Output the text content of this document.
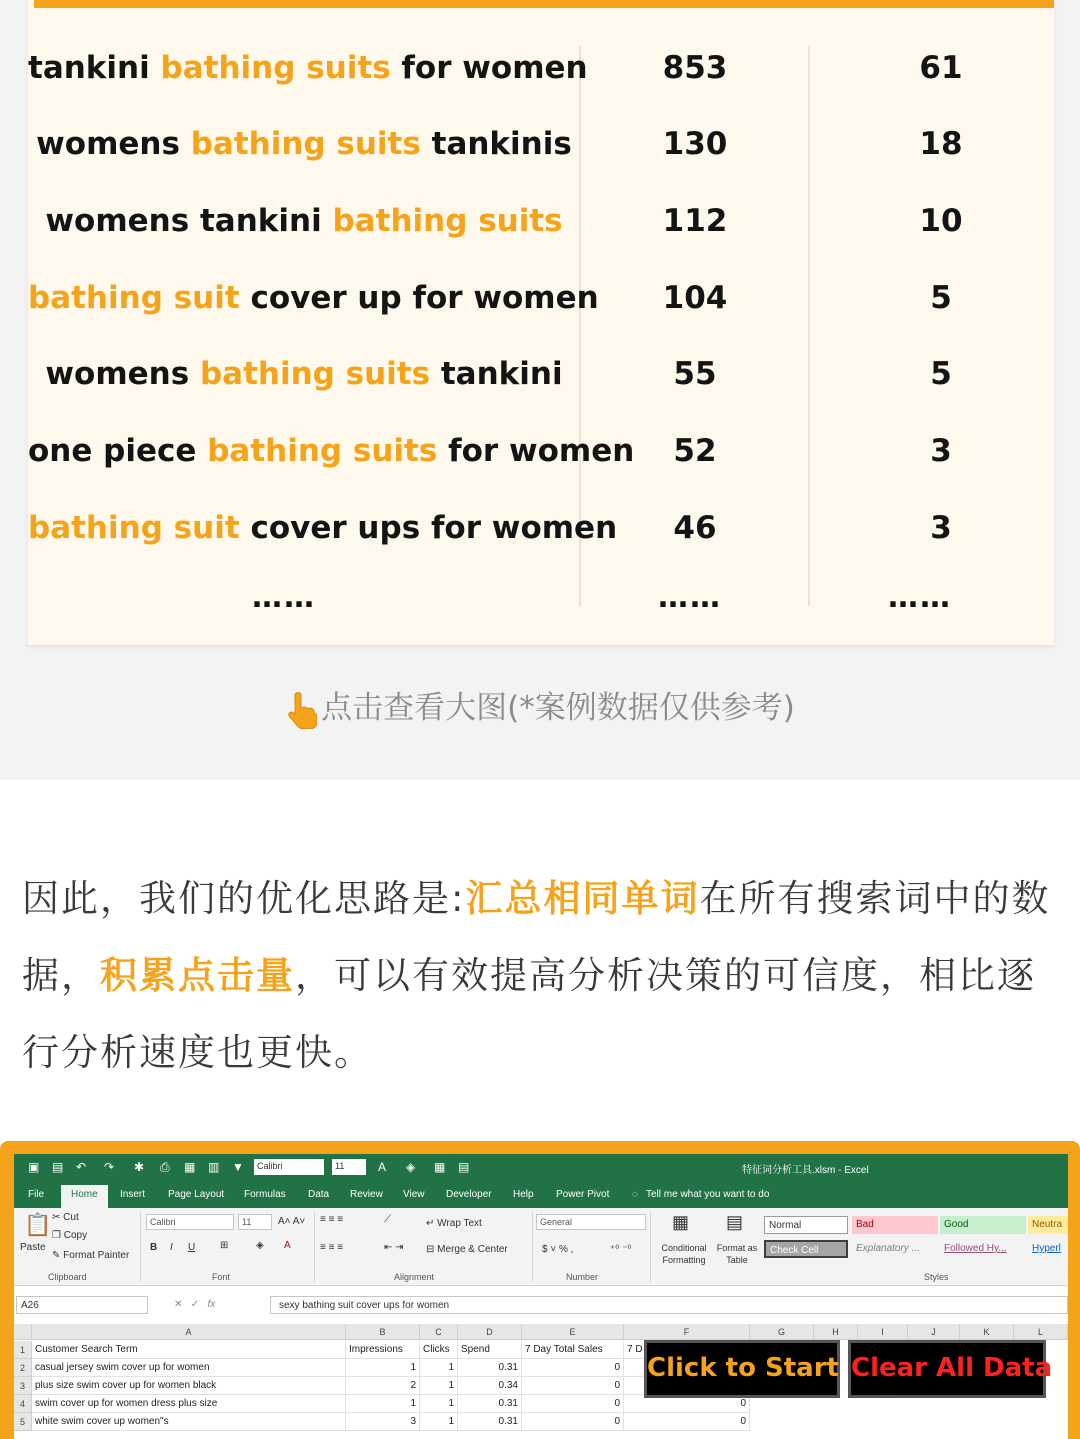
tankini bathing suits for women	853	61
womens bathing suits tankinis	130	18
womens tankini bathing suits	112	10
bathing suit cover up for women	104	5
womens bathing suits tankini	55	5
one piece bathing suits for women	52	3
bathing suit cover ups for women	46	3
……	……	……
点击查看大图(*案例数据仅供参考)
因此，我们的优化思路是:汇总相同单词在所有搜索词中的数据，积累点击量，可以有效提高分析决策的可信度，相比逐行分析速度也更快。
▣ ▤ ↶ ↷ ✱ ⎙ ▦ ▥ ▼	Calibri	11	A ◈ ▦ ▤	特征词分析工具.xlsm - Excel
File	Home	Insert Page Layout Formulas Data Review View Developer Help Power Pivot ◌ Tell me what you want to do
📋
Paste
✂ Cut
❐ Copy
✎ Format Painter
Clipboard
Calibri	11	A˄ A˅
B I U ⊞	◈ A
Font
≡ ≡ ≡	⟋	↵ Wrap Text
≡ ≡ ≡	⇤ ⇥ ⊟ Merge & Center
Alignment
General
$ ˅ % ,	⁺⁰ ⁻⁰
Number
▦
Conditional Formatting
▤
Format as Table
Normal	Bad	Good	Neutra
Check Cell	Explanatory ...	Followed Hy...	Hyperl
Styles
A26	✕   ✓   fx	sexy bathing suit cover ups for women
A	B	C	D	E	F	G	H	I	J	K	L
1	Customer Search Term	Impressions	Clicks	Spend	7 Day Total Sales	7 D
2	casual jersey swim cover up for women	1	1	0.31	0
3	plus size swim cover up for women black	2	1	0.34	0
4	swim cover up for women dress plus size	1	1	0.31	0	0
5	white swim cover up women"s	3	1	0.31	0	0
Click to Start Clear All Data
